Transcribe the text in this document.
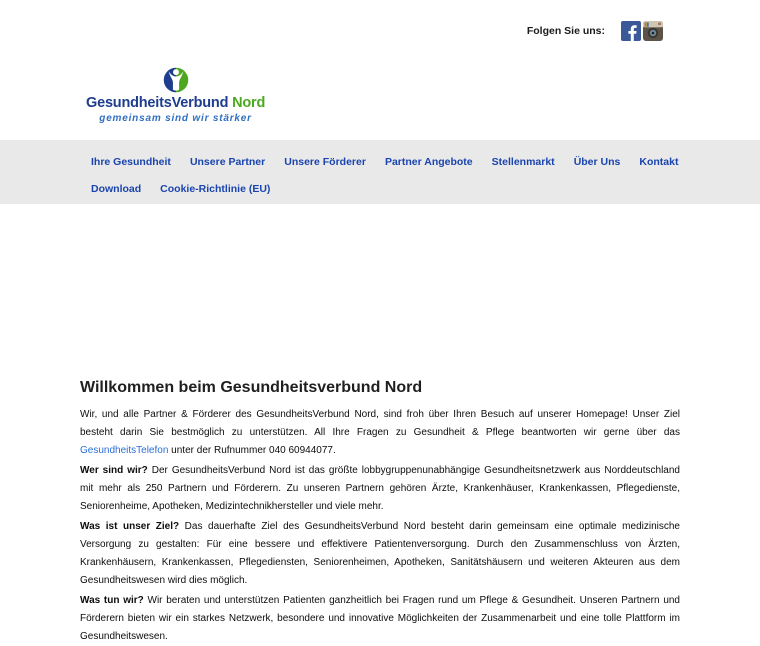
Folgen Sie uns:
GesundheitsVerbund Nord
gemeinsam sind wir stärker
Ihre Gesundheit Unsere Partner Unsere Förderer Partner Angebote Stellenmarkt Über Uns Kontakt
Download Cookie-Richtlinie (EU)
Willkommen beim Gesundheitsverbund Nord

Wir, und alle Partner & Förderer des GesundheitsVerbund Nord, sind froh über Ihren Besuch auf unserer Homepage! Unser Ziel besteht darin Sie bestmöglich zu unterstützen. All Ihre Fragen zu Gesundheit & Pflege beantworten wir gerne über das GesundheitsTelefon unter der Rufnummer 040 60944077.

Wer sind wir? Der GesundheitsVerbund Nord ist das größte lobbygruppenunabhängige Gesundheitsnetzwerk aus Norddeutschland mit mehr als 250 Partnern und Förderern. Zu unseren Partnern gehören Ärzte, Krankenhäuser, Krankenkassen, Pflegedienste, Seniorenheime, Apotheken, Medizintechnikhersteller und viele mehr.

Was ist unser Ziel? Das dauerhafte Ziel des GesundheitsVerbund Nord besteht darin gemeinsam eine optimale medizinische Versorgung zu gestalten: Für eine bessere und effektivere Patientenversorgung. Durch den Zusammenschluss von Ärzten, Krankenhäusern, Krankenkassen, Pflegediensten, Seniorenheimen, Apotheken, Sanitätshäusern und weiteren Akteuren aus dem Gesundheitswesen wird dies möglich.

Was tun wir? Wir beraten und unterstützen Patienten ganzheitlich bei Fragen rund um Pflege & Gesundheit. Unseren Partnern und Förderern bieten wir ein starkes Netzwerk, besondere und innovative Möglichkeiten der Zusammenarbeit und eine tolle Plattform im Gesundheitswesen.
